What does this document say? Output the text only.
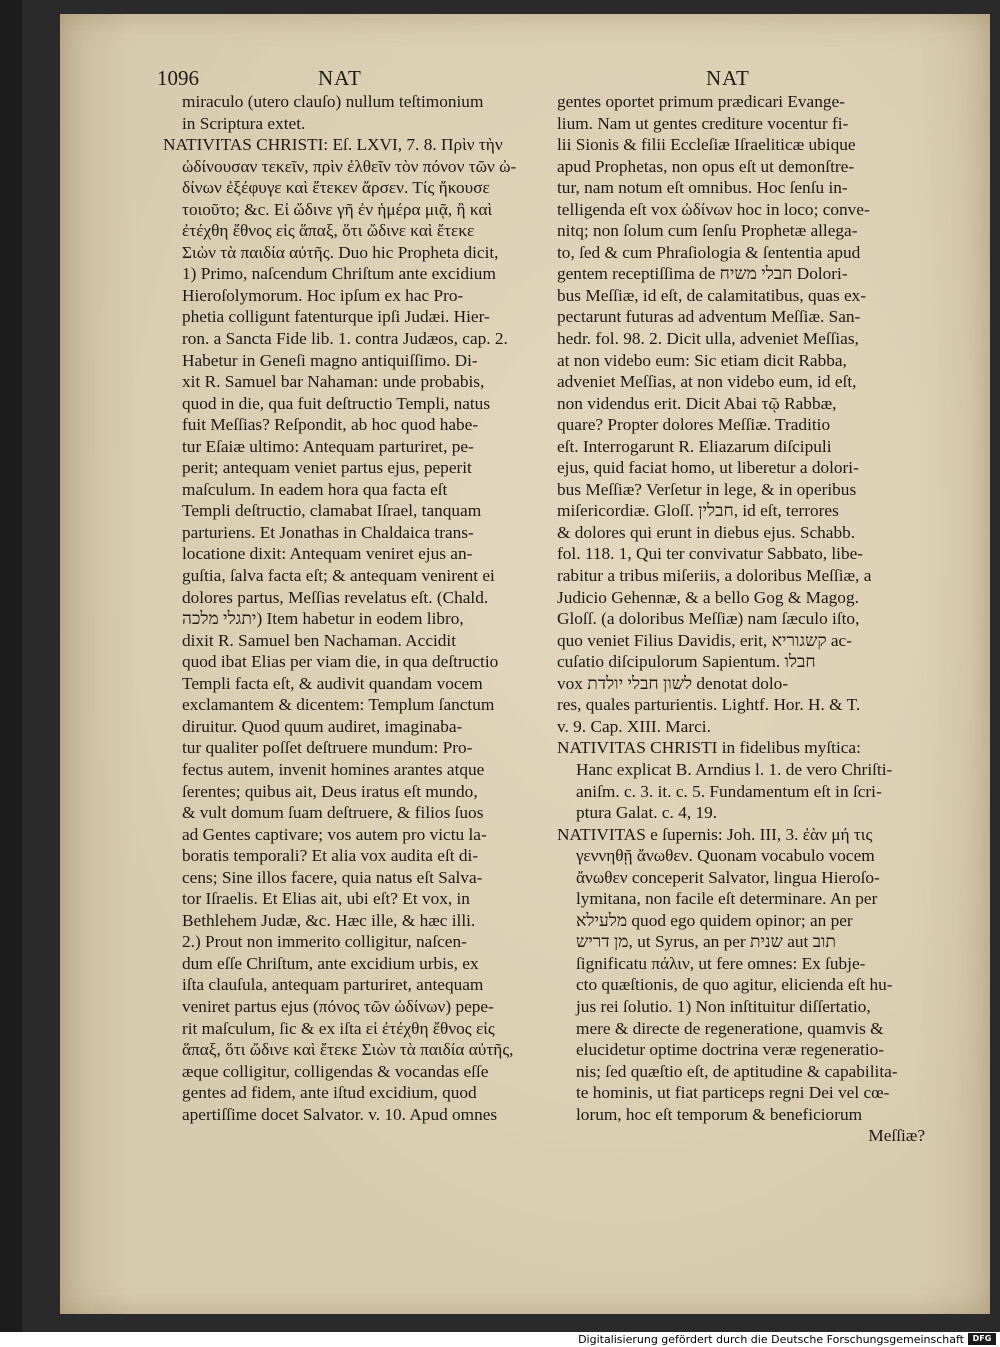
1096	NAT	NAT
miraculo (utero clauſo) nullum teſtimonium
in Scriptura extet.
NATIVITAS CHRISTI: Eſ. LXVI, 7. 8. Πρὶν τὴν
ὠδίνουσαν τεκεῖν, πρὶν ἐλθεῖν τὸν πόνον τῶν ὠ-
δίνων ἐξέφυγε καὶ ἔτεκεν ἄρσεν. Τίς ἤκουσε
τοιοῦτο; &c. Εἰ ὤδινε γῆ ἐν ἡμέρα μιᾷ, ἢ καὶ
ἐτέχθη ἔθνος εἰς ἅπαξ, ὅτι ὤδινε καὶ ἔτεκε
Σιὼν τὰ παιδία αὐτῆς. Duo hic Propheta dicit,
1) Primo, naſcendum Chriſtum ante excidium
Hieroſolymorum. Hoc ipſum ex hac Pro-
phetia colligunt fatenturque ipſi Judæi. Hier-
ron. a Sancta Fide lib. 1. contra Judæos, cap. 2.
Habetur in Geneſi magno antiquiſſimo. Di-
xit R. Samuel bar Nahaman: unde probabis,
quod in die, qua fuit deſtructio Templi, natus
fuit Meſſias? Reſpondit, ab hoc quod habe-
tur Eſaiæ ultimo: Antequam parturiret, pe-
perit; antequam veniet partus ejus, peperit
maſculum. In eadem hora qua facta eſt
Templi deſtructio, clamabat Iſrael, tanquam
parturiens. Et Jonathas in Chaldaica trans-
locatione dixit: Antequam veniret ejus an-
guſtia, ſalva facta eſt; & antequam venirent ei
dolores partus, Meſſias revelatus eſt. (Chald.
יתגלי מלכה) Item habetur in eodem libro,
dixit R. Samuel ben Nachaman. Accidit
quod ibat Elias per viam die, in qua deſtructio
Templi facta eſt, & audivit quandam vocem
exclamantem & dicentem: Templum ſanctum
diruitur. Quod quum audiret, imaginaba-
tur qualiter poſſet deſtruere mundum: Pro-
fectus autem, invenit homines arantes atque
ſerentes; quibus ait, Deus iratus eſt mundo,
& vult domum ſuam deſtruere, & filios ſuos
ad Gentes captivare; vos autem pro victu la-
boratis temporali? Et alia vox audita eſt di-
cens; Sine illos facere, quia natus eſt Salva-
tor Iſraelis. Et Elias ait, ubi eſt? Et vox, in
Bethlehem Judæ, &c. Hæc ille, & hæc illi.
2.) Prout non immerito colligitur, naſcen-
dum eſſe Chriſtum, ante excidium urbis, ex
iſta clauſula, antequam parturiret, antequam
veniret partus ejus (πόνος τῶν ὠδίνων) pepe-
rit maſculum, ſic & ex iſta εἰ ἐτέχθη ἔθνος εἰς
ἅπαξ, ὅτι ὤδινε καὶ ἔτεκε Σιὼν τὰ παιδία αὐτῆς,
æque colligitur, colligendas & vocandas eſſe
gentes ad fidem, ante iſtud excidium, quod
apertiſſime docet Salvator. v. 10. Apud omnes
gentes oportet primum prædicari Evange-
lium. Nam ut gentes crediture vocentur fi-
lii Sionis & filii Eccleſiæ Iſraeliticæ ubique
apud Prophetas, non opus eſt ut demonſtre-
tur, nam notum eſt omnibus. Hoc ſenſu in-
telligenda eſt vox ὠδίνων hoc in loco; conve-
nitq; non ſolum cum ſenſu Prophetæ allega-
to, ſed & cum Phraſiologia & ſententia apud
gentem receptiſſima de חבלי משיח Dolori-
bus Meſſiæ, id eſt, de calamitatibus, quas ex-
pectarunt futuras ad adventum Meſſiæ. San-
hedr. fol. 98. 2. Dicit ulla, adveniet Meſſias,
at non videbo eum: Sic etiam dicit Rabba,
adveniet Meſſias, at non videbo eum, id eſt,
non videndus erit. Dicit Abai τῷ Rabbæ,
quare? Propter dolores Meſſiæ. Traditio
eſt. Interrogarunt R. Eliazarum diſcipuli
ejus, quid faciat homo, ut liberetur a dolori-
bus Meſſiæ? Verſetur in lege, & in operibus
miſericordiæ. Gloſſ. חבלין, id eſt, terrores
& dolores qui erunt in diebus ejus. Schabb.
fol. 118. 1, Qui ter convivatur Sabbato, libe-
rabitur a tribus miſeriis, a doloribus Meſſiæ, a
Judicio Gehennæ, & a bello Gog & Magog.
Gloſſ. (a doloribus Meſſiæ) nam ſæculo iſto,
quo veniet Filius Davidis, erit, קשגוריא ac-
cuſatio diſcipulorum Sapientum. חבלו
vox לשון חבלי יולדת denotat dolo-
res, quales parturientis. Lightf. Hor. H. & T.
v. 9. Cap. XIII. Marci.
NATIVITAS CHRISTI in fidelibus myſtica:
Hanc explicat B. Arndius l. 1. de vero Chriſti-
aniſm. c. 3. it. c. 5. Fundamentum eſt in ſcri-
ptura Galat. c. 4, 19.
NATIVITAS e ſupernis: Joh. III, 3. ἐὰν μή τις
γεννηθῇ ἄνωθεν. Quonam vocabulo vocem
ἄνωθεν conceperit Salvator, lingua Hieroſo-
lymitana, non facile eſt determinare. An per
מלעילא quod ego quidem opinor; an per
מן דריש, ut Syrus, an per שנית aut תוב
ſignificatu πάλιν, ut fere omnes: Ex ſubje-
cto quæſtionis, de quo agitur, elicienda eſt hu-
jus rei ſolutio. 1) Non inſtituitur diſſertatio,
mere & directe de regeneratione, quamvis &
elucidetur optime doctrina veræ regeneratio-
nis; ſed quæſtio eſt, de aptitudine & capabilita-
te hominis, ut fiat particeps regni Dei vel cœ-
lorum, hoc eſt temporum & beneficiorum
Meſſiæ?
Digitalisierung gefördert durch die Deutsche Forschungsgemeinschaft	DFG
